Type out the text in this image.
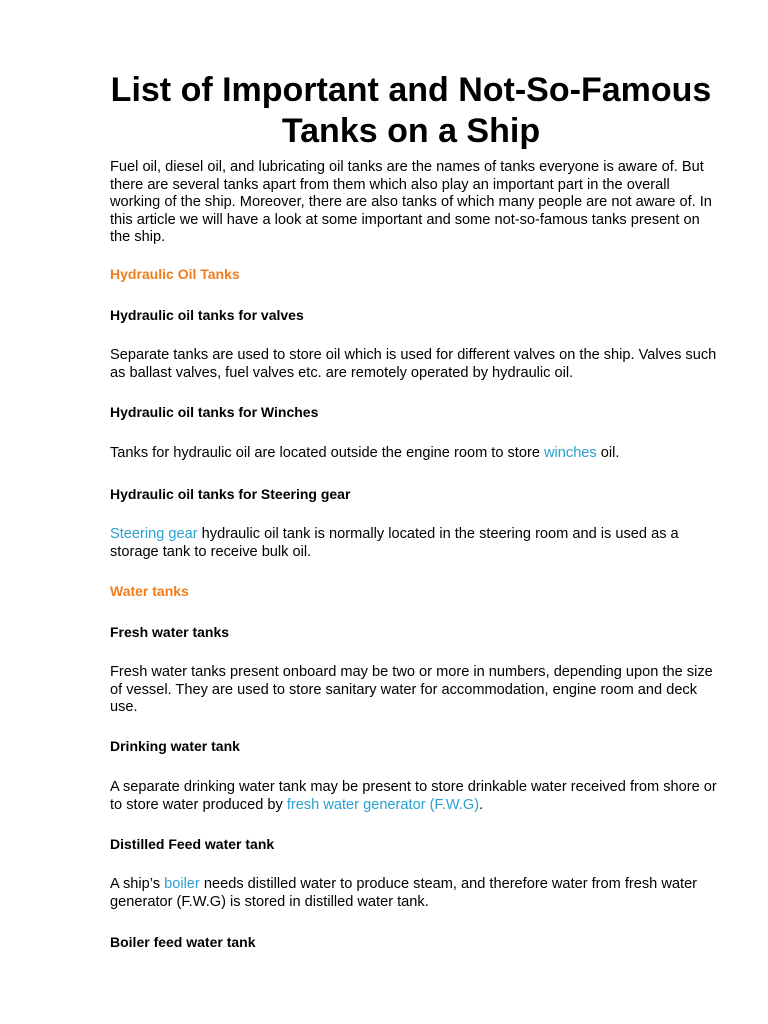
List of Important and Not-So-Famous Tanks on a Ship

Fuel oil, diesel oil, and lubricating oil tanks are the names of tanks everyone is aware of. But there are several tanks apart from them which also play an important part in the overall working of the ship. Moreover, there are also tanks of which many people are not aware of. In this article we will have a look at some important and some not-so-famous tanks present on the ship.

Hydraulic Oil Tanks
Hydraulic oil tanks for valves

Separate tanks are used to store oil which is used for different valves on the ship. Valves such as ballast valves, fuel valves etc. are remotely operated by hydraulic oil.

Hydraulic oil tanks for Winches

Tanks for hydraulic oil are located outside the engine room to store winches oil.

Hydraulic oil tanks for Steering gear

Steering gear hydraulic oil tank is normally located in the steering room and is used as a storage tank to receive bulk oil.

Water tanks
Fresh water tanks

Fresh water tanks present onboard may be two or more in numbers, depending upon the size of vessel. They are used to store sanitary water for accommodation, engine room and deck use.

Drinking water tank

A separate drinking water tank may be present to store drinkable water received from shore or to store water produced by fresh water generator (F.W.G).

Distilled Feed water tank

A ship’s boiler needs distilled water to produce steam, and therefore water from fresh water generator (F.W.G) is stored in distilled water tank.

Boiler feed water tank
